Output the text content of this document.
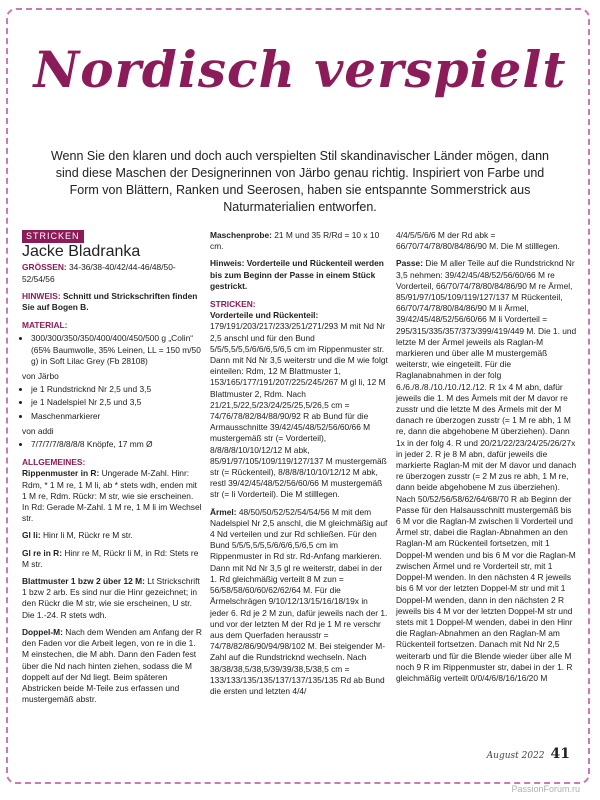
Nordisch verspielt
Wenn Sie den klaren und doch auch verspielten Stil skandinavischer Länder mögen, dann sind diese Maschen der Designerinnen von Järbo genau richtig. Inspiriert von Farbe und Form von Blättern, Ranken und Seerosen, haben sie entspannte Sommerstrick aus Naturmaterialien entworfen.
STRICKEN
Jacke Bladranka
GRÖSSEN: 34-36/38-40/42/44-46/48/50-52/54/56
HINWEIS: Schnitt und Strickschriften finden Sie auf Bogen B.
MATERIAL:
• 300/300/350/350/400/400/450/500 g „Colin“ (65% Baumwolle, 35% Leinen, LL = 150 m/50 g) in Soft Lilac Grey (Fb 28108)
von Järbo
• je 1 Rundstricknd Nr 2,5 und 3,5
• je 1 Nadelspiel Nr 2,5 und 3,5
• Maschenmarkierer
von addi
• 7/7/7/7/8/8/8/8 Knöpfe, 17 mm Ø
ALLGEMEINES:
Rippenmuster in R: Ungerade M-Zahl. Hinr: Rdm, * 1 M re, 1 M li, ab * stets wdh, enden mit 1 M re, Rdm. Rückr: M str, wie sie erscheinen. In Rd: Gerade M-Zahl. 1 M re, 1 M li im Wechsel str.
Gl li: Hinr li M, Rückr re M str.
Gl re in R: Hinr re M, Rückr li M, in Rd: Stets re M str.
Blattmuster 1 bzw 2 über 12 M: Lt Strickschrift 1 bzw 2 arb. Es sind nur die Hinr gezeichnet; in den Rückr die M str, wie sie erscheinen, U str. Die 1.-24. R stets wdh.
Doppel-M: Nach dem Wenden am Anfang der R den Faden vor die Arbeit legen, von re in die 1. M einstechen, die M abh. Dann den Faden fest über die Nd nach hinten ziehen, sodass die M doppelt auf der Nd liegt. Beim späteren Abstricken beide M-Teile zus erfassen und mustergemäß abstr.
Maschenprobe: 21 M und 35 R/Rd = 10 x 10 cm.
Hinweis: Vorderteile und Rückenteil werden bis zum Beginn der Passe in einem Stück gestrickt.
STRICKEN:
Vorderteile und Rückenteil: 179/191/203/217/233/251/271/293 M mit Nd Nr 2,5 anschl und für den Bund 5/5/5,5/5,5/6/6/6,5/6,5 cm im Rippenmuster str. Dann mit Nd Nr 3,5 weiterstr und die M wie folgt einteilen: Rdm, 12 M Blattmuster 1, 153/165/177/191/207/225/245/267 M gl li, 12 M Blattmuster 2, Rdm. Nach 21/21,5/22,5/23/24/25/25,5/26,5 cm = 74/76/78/82/84/88/90/92 R ab Bund für die Armausschnitte 39/42/45/48/52/56/60/66 M mustergemäß str (= Vorderteil), 8/8/8/8/10/10/12/12 M abk, 85/91/97/105/109/119/127/137 M mustergemäß str (= Rückenteil), 8/8/8/8/10/10/12/12 M abk, restl 39/42/45/48/52/56/60/66 M mustergemäß str (= li Vorderteil). Die M stilllegen.
Ärmel: 48/50/50/52/52/54/54/56 M mit dem Nadelspiel Nr 2,5 anschl, die M gleichmäßig auf 4 Nd verteilen und zur Rd schließen. Für den Bund 5/5/5,5/5,5/6/6/6,5/6,5 cm im Rippenmuster in Rd str. Rd-Anfang markieren. Dann mit Nd Nr 3,5 gl re weiterstr, dabei in der 1. Rd gleichmäßig verteilt 8 M zun = 56/58/58/60/60/62/62/64 M. Für die Ärmelschrägen 9/10/12/13/15/16/18/19x in jeder 6. Rd je 2 M zun, dafür jeweils nach der 1. und vor der letzten M der Rd je 1 M re verschr aus dem Querfaden herausstr = 74/78/82/86/90/94/98/102 M. Bei steigender M-Zahl auf die Rundstricknd wechseln. Nach 38/38/38,5/38,5/39/39/38,5/38,5 cm = 133/133/135/135/137/137/135/135 Rd ab Bund die ersten und letzten 4/4/
4/4/5/5/6/6 M der Rd abk = 66/70/74/78/80/84/86/90 M. Die M stilllegen.
Passe: Die M aller Teile auf die Rundstricknd Nr 3,5 nehmen: 39/42/45/48/52/56/60/66 M re Vorderteil, 66/70/74/78/80/84/86/90 M re Ärmel, 85/91/97/105/109/119/127/137 M Rückenteil, 66/70/74/78/80/84/86/90 M li Ärmel, 39/42/45/48/52/56/60/66 M li Vorderteil = 295/315/335/357/373/399/419/449 M. Die 1. und letzte M der Ärmel jeweils als Raglan-M markieren und über alle M mustergemäß weiterstr, wie eingeteilt. Für die Raglanabnahmen in der folg 6./6./8./8./10./10./12./12. R 1x 4 M abn, dafür jeweils die 1. M des Ärmels mit der M davor re zusstr und die letzte M des Ärmels mit der M danach re überzogen zusstr (= 1 M re abh, 1 M re, dann die abgehobene M überziehen). Dann 1x in der folg 4. R und 20/21/22/23/24/25/26/27x in jeder 2. R je 8 M abn, dafür jeweils die markierte Raglan-M mit der M davor und danach re überzogen zusstr (= 2 M zus re abh, 1 M re, dann beide abgehobene M zus überziehen). Nach 50/52/56/58/62/64/68/70 R ab Beginn der Passe für den Halsausschnitt mustergemäß bis 6 M vor die Raglan-M zwischen li Vorderteil und Ärmel str, dabei die Raglan-Abnahmen an den Raglan-M am Rückenteil fortsetzen, mit 1 Doppel-M wenden und bis 6 M vor die Raglan-M zwischen Ärmel und re Vorderteil str, mit 1 Doppel-M wenden. In den nächsten 4 R jeweils bis 6 M vor der letzten Doppel-M str und mit 1 Doppel-M wenden, dann in den nächsten 2 R jeweils bis 4 M vor der letzten Doppel-M str und stets mit 1 Doppel-M wenden, dabei in den Hinr die Raglan-Abnahmen an den Raglan-M am Rückenteil fortsetzen. Danach mit Nd Nr 2,5 weiterarb und für die Blende wieder über alle M noch 9 R im Rippenmuster str, dabei in der 1. R gleichmäßig verteilt 0/0/4/6/8/16/16/20 M
August 2022 41
PassionForum.ru
